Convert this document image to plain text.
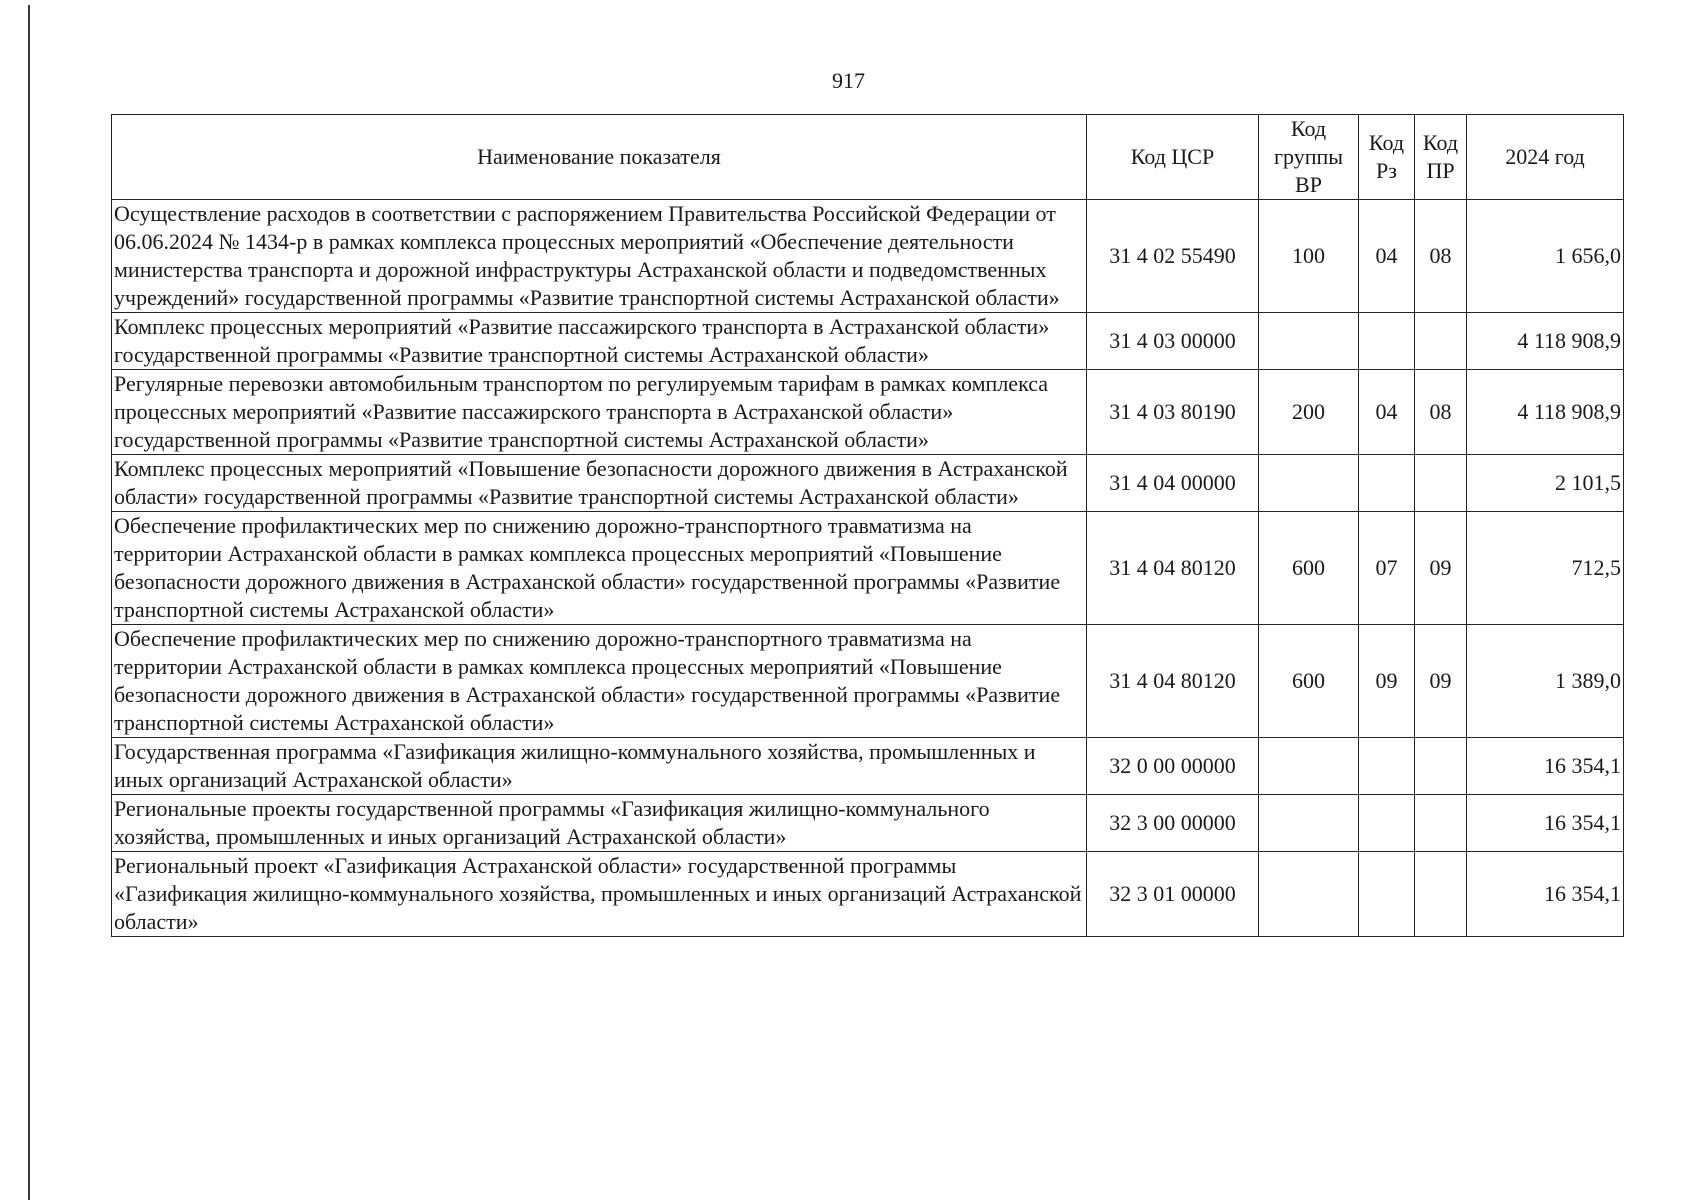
917
Наименование показателя	Код ЦСР	Код группы ВР	Код Рз	Код ПР	2024 год
Осуществление расходов в соответствии с распоряжением Правительства Российской Федерации от 06.06.2024 № 1434-р в рамках комплекса процессных мероприятий «Обеспечение деятельности министерства транспорта и дорожной инфраструктуры Астраханской области и подведомственных учреждений» государственной программы «Развитие транспортной системы Астраханской области»	31 4 02 55490	100	04	08	1 656,0
Комплекс процессных мероприятий «Развитие пассажирского транспорта в Астраханской области» государственной программы «Развитие транспортной системы Астраханской области»	31 4 03 00000				4 118 908,9
Регулярные перевозки автомобильным транспортом по регулируемым тарифам в рамках комплекса процессных мероприятий «Развитие пассажирского транспорта в Астраханской области» государственной программы «Развитие транспортной системы Астраханской области»	31 4 03 80190	200	04	08	4 118 908,9
Комплекс процессных мероприятий «Повышение безопасности дорожного движения в Астраханской области» государственной программы «Развитие транспортной системы Астраханской области»	31 4 04 00000				2 101,5
Обеспечение профилактических мер по снижению дорожно-транспортного травматизма на территории Астраханской области в рамках комплекса процессных мероприятий «Повышение безопасности дорожного движения в Астраханской области» государственной программы «Развитие транспортной системы Астраханской области»	31 4 04 80120	600	07	09	712,5
Обеспечение профилактических мер по снижению дорожно-транспортного травматизма на территории Астраханской области в рамках комплекса процессных мероприятий «Повышение безопасности дорожного движения в Астраханской области» государственной программы «Развитие транспортной системы Астраханской области»	31 4 04 80120	600	09	09	1 389,0
Государственная программа «Газификация жилищно-коммунального хозяйства, промышленных и иных организаций Астраханской области»	32 0 00 00000				16 354,1
Региональные проекты государственной программы «Газификация жилищно-коммунального хозяйства, промышленных и иных организаций Астраханской области»	32 3 00 00000				16 354,1
Региональный проект «Газификация Астраханской области» государственной программы «Газификация жилищно-коммунального хозяйства, промышленных и иных организаций Астраханской области»	32 3 01 00000				16 354,1
